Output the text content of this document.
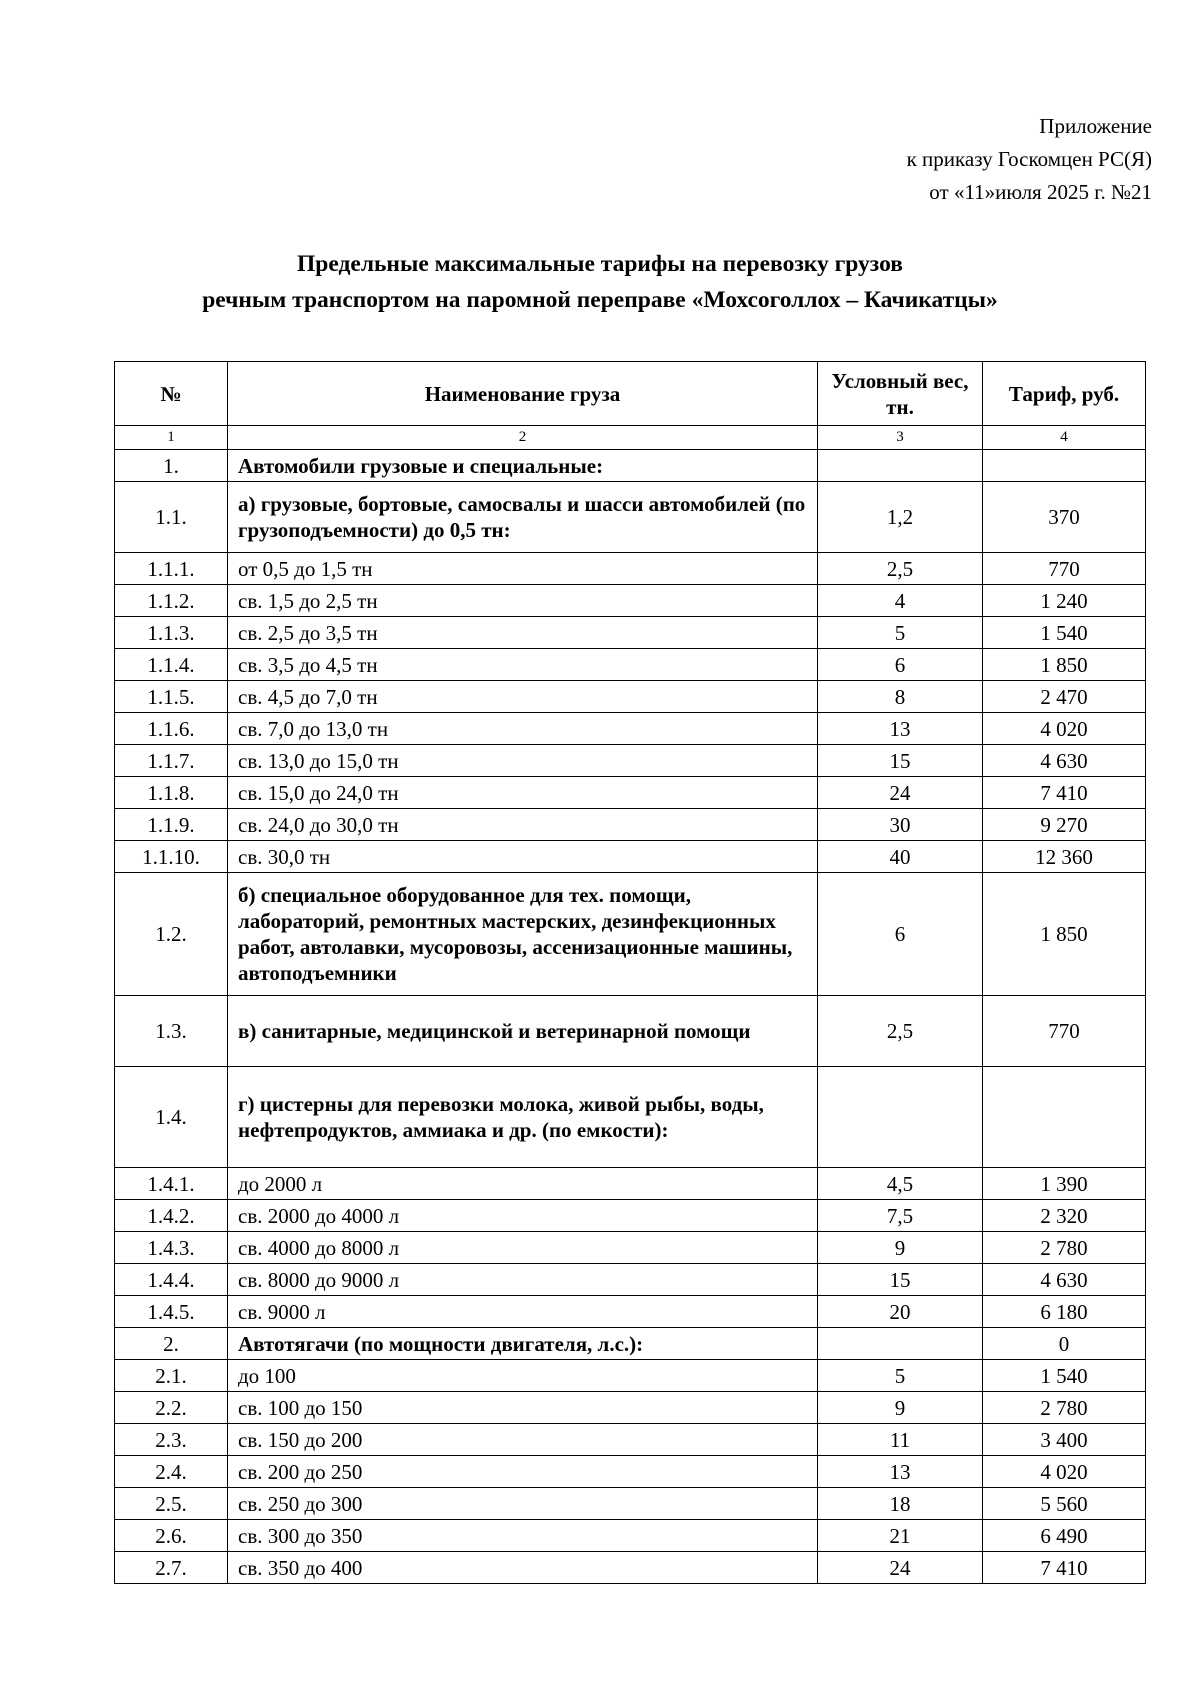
Приложение
к приказу Госкомцен РС(Я)
от «11»июля 2025 г. №21
Предельные максимальные тарифы на перевозку грузов
речным транспортом на паромной переправе «Мохсоголлох – Качикатцы»
№	Наименование груза	Условный вес, тн.	Тариф, руб.
1	2	3	4
1.	Автомобили грузовые и специальные:		
1.1.	а) грузовые, бортовые, самосвалы и шасси автомобилей (по грузоподъемности) до 0,5 тн:	1,2	370
1.1.1.	от 0,5 до 1,5 тн	2,5	770
1.1.2.	св. 1,5 до 2,5 тн	4	1 240
1.1.3.	св. 2,5 до 3,5 тн	5	1 540
1.1.4.	св. 3,5 до 4,5 тн	6	1 850
1.1.5.	св. 4,5 до 7,0 тн	8	2 470
1.1.6.	св. 7,0 до 13,0 тн	13	4 020
1.1.7.	св. 13,0 до 15,0 тн	15	4 630
1.1.8.	св. 15,0 до 24,0 тн	24	7 410
1.1.9.	св. 24,0 до 30,0 тн	30	9 270
1.1.10.	св. 30,0 тн	40	12 360
1.2.	б) специальное оборудованное для тех. помощи, лабораторий, ремонтных мастерских, дезинфекционных работ, автолавки, мусоровозы, ассенизационные машины, автоподъемники	6	1 850
1.3.	в) санитарные, медицинской и ветеринарной помощи	2,5	770
1.4.	г) цистерны для перевозки молока, живой рыбы, воды, нефтепродуктов, аммиака и др. (по емкости):		
1.4.1.	до 2000 л	4,5	1 390
1.4.2.	св. 2000 до 4000 л	7,5	2 320
1.4.3.	св. 4000 до 8000 л	9	2 780
1.4.4.	св. 8000 до 9000 л	15	4 630
1.4.5.	св. 9000 л	20	6 180
2.	Автотягачи (по мощности двигателя, л.с.):		0
2.1.	до 100	5	1 540
2.2.	св. 100 до 150	9	2 780
2.3.	св. 150 до 200	11	3 400
2.4.	св. 200 до 250	13	4 020
2.5.	св. 250 до 300	18	5 560
2.6.	св. 300 до 350	21	6 490
2.7.	св. 350 до 400	24	7 410
